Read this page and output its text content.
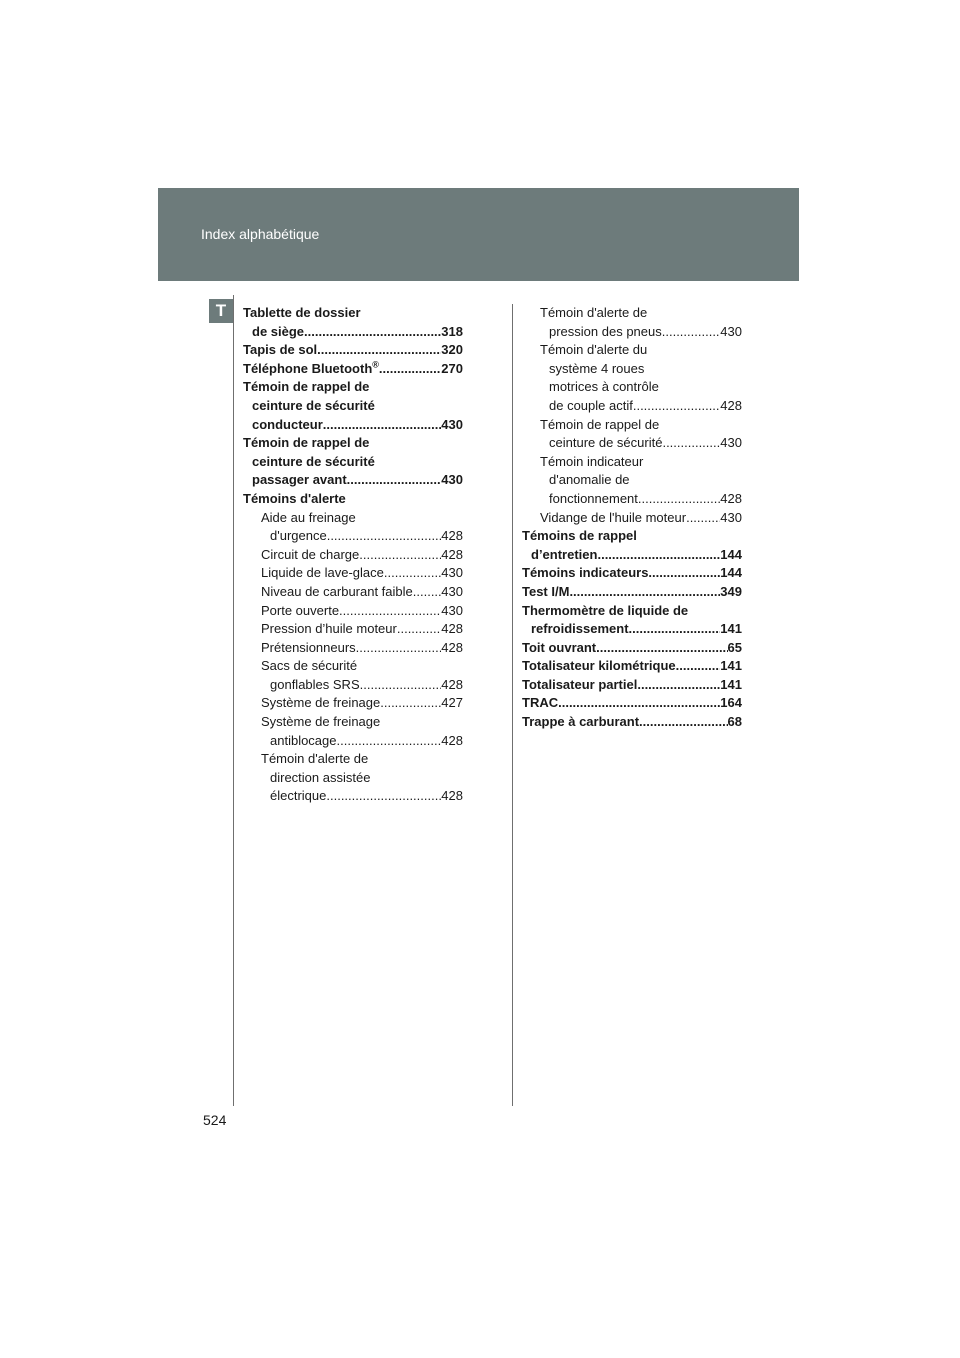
Index alphabétique
T	Tablette de dossier
de siège .....	318
Tapis de sol .....	320
Téléphone Bluetooth® .....	270
Témoin de rappel de
ceinture de sécurité
conducteur .....	430
Témoin de rappel de
ceinture de sécurité
passager avant .....	430
Témoins d'alerte
Aide au freinage
d'urgence .....	428
Circuit de charge .....	428
Liquide de lave-glace .....	430
Niveau de carburant faible ..... 430
Porte ouverte .....	430
Pression d’huile moteur .....	428
Prétensionneurs .....	428
Sacs de sécurité
gonflables SRS .....	428
Système de freinage .....	427
Système de freinage
antiblocage .....	428
Témoin d'alerte de
direction assistée
électrique .....	428
Témoin d'alerte de
pression des pneus .....	430
Témoin d'alerte du
système 4 roues
motrices à contrôle
de couple actif .....	428
Témoin de rappel de
ceinture de sécurité .....	430
Témoin indicateur
d'anomalie de
fonctionnement .....	428
Vidange de l'huile moteur .....	430
Témoins de rappel
d’entretien .....	144
Témoins indicateurs .....	144
Test I/M .....	349
Thermomètre de liquide de
refroidissement .....	141
Toit ouvrant .....	65
Totalisateur kilométrique .....	141
Totalisateur partiel .....	141
TRAC .....	164
Trappe à carburant .....	68
524
